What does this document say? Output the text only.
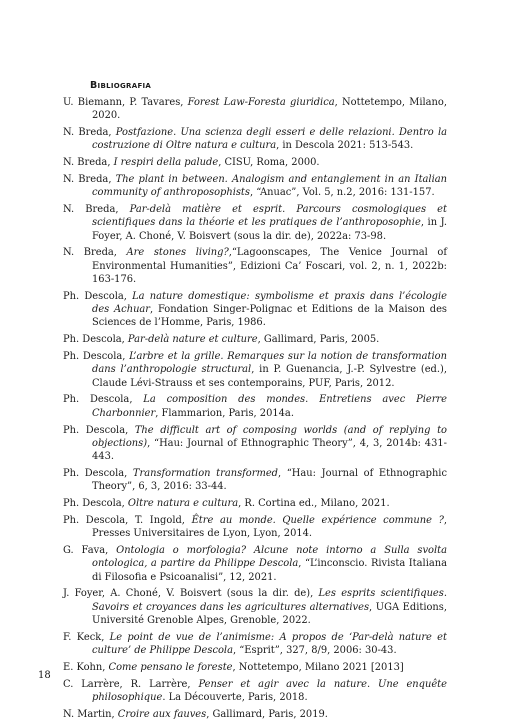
Bibliografia
U. Biemann, P. Tavares, Forest Law-Foresta giuridica, Nottetempo, Milano, 2020.
N. Breda, Postfazione. Una scienza degli esseri e delle relazioni. Dentro la costruzione di Oltre natura e cultura, in Descola 2021: 513-543.
N. Breda, I respiri della palude, CISU, Roma, 2000.
N. Breda, The plant in between. Analogism and entanglement in an Italian community of anthroposophists, “Anuac”, Vol. 5, n.2, 2016: 131-157.
N. Breda, Par-delà matière et esprit. Parcours cosmologiques et scientifiques dans la théorie et les pratiques de l’anthroposophie, in J. Foyer, A. Choné, V. Boisvert (sous la dir. de), 2022a: 73-98.
N. Breda, Are stones living?,“Lagoonscapes, The Venice Journal of Environmental Humanities”, Edizioni Ca’ Foscari, vol. 2, n. 1, 2022b: 163-176.
Ph. Descola, La nature domestique: symbolisme et praxis dans l’écologie des Achuar, Fondation Singer-Polignac et Editions de la Maison des Sciences de l’Homme, Paris, 1986.
Ph. Descola, Par-delà nature et culture, Gallimard, Paris, 2005.
Ph. Descola, L’arbre et la grille. Remarques sur la notion de transformation dans l’anthropologie structural, in P. Guenancia, J.-P. Sylvestre (ed.), Claude Lévi-Strauss et ses contemporains, PUF, Paris, 2012.
Ph. Descola, La composition des mondes. Entretiens avec Pierre Charbonnier, Flammarion, Paris, 2014a.
Ph. Descola, The difficult art of composing worlds (and of replying to objections), “Hau: Journal of Ethnographic Theory”, 4, 3, 2014b: 431-443.
Ph. Descola, Transformation transformed, “Hau: Journal of Ethnographic Theory”, 6, 3, 2016: 33-44.
Ph. Descola, Oltre natura e cultura, R. Cortina ed., Milano, 2021.
Ph. Descola, T. Ingold, Être au monde. Quelle expérience commune ?, Presses Universitaires de Lyon, Lyon, 2014.
G. Fava, Ontologia o morfologia? Alcune note intorno a Sulla svolta ontologica, a partire da Philippe Descola, “L’inconscio. Rivista Italiana di Filosofia e Psicoanalisi”, 12, 2021.
J. Foyer, A. Choné, V. Boisvert (sous la dir. de), Les esprits scientifiques. Savoirs et croyances dans les agricultures alternatives, UGA Editions, Université Grenoble Alpes, Grenoble, 2022.
F. Keck, Le point de vue de l’animisme: A propos de ‘Par-delà nature et culture’ de Philippe Descola, “Esprit”, 327, 8/9, 2006: 30-43.
E. Kohn, Come pensano le foreste, Nottetempo, Milano 2021 [2013]
C. Larrère, R. Larrère, Penser et agir avec la nature. Une enquête philosophique. La Découverte, Paris, 2018.
N. Martin, Croire aux fauves, Gallimard, Paris, 2019.
18
